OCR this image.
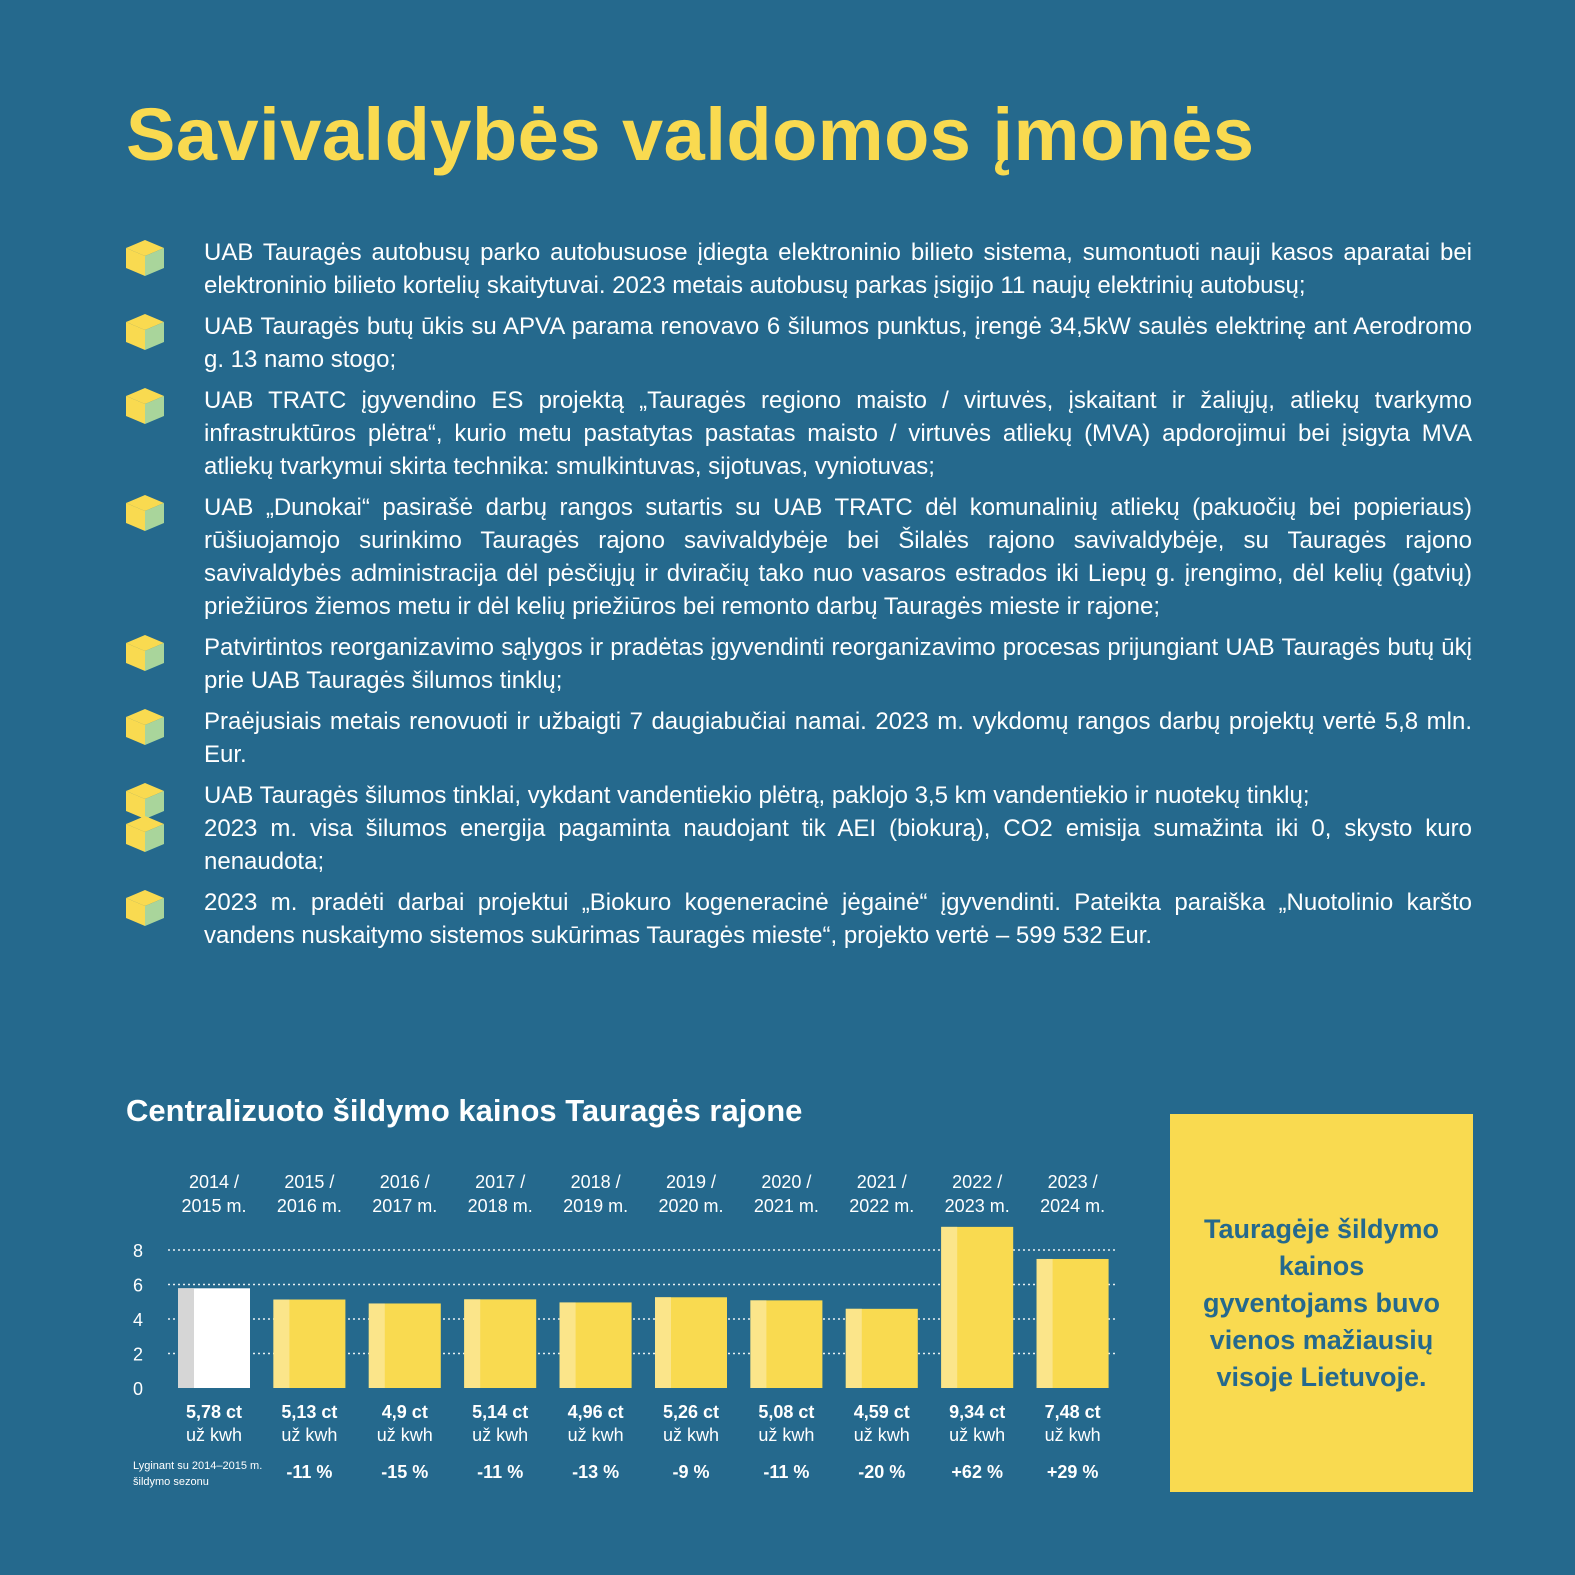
Savivaldybės valdomos įmonės
UAB Tauragės autobusų parko autobusuose įdiegta elektroninio bilieto sistema, sumontuoti nauji kasos aparatai bei elektroninio bilieto kortelių skaitytuvai. 2023 metais autobusų parkas įsigijo 11 naujų elektrinių autobusų;
UAB Tauragės butų ūkis su APVA parama renovavo 6 šilumos punktus, įrengė 34,5kW saulės elektrinę ant Aerodromo g. 13 namo stogo;
UAB TRATC įgyvendino ES projektą „Tauragės regiono maisto / virtuvės, įskaitant ir žaliųjų, atliekų tvarkymo infrastruktūros plėtra“, kurio metu pastatytas pastatas maisto / virtuvės atliekų (MVA) apdorojimui bei įsigyta MVA atliekų tvarkymui skirta technika: smulkintuvas, sijotuvas, vyniotuvas;
UAB „Dunokai“ pasirašė darbų rangos sutartis su UAB TRATC dėl komunalinių atliekų (pakuočių bei popieriaus) rūšiuojamojo surinkimo Tauragės rajono savivaldybėje bei Šilalės rajono savivaldybėje, su Tauragės rajono savivaldybės administracija dėl pėsčiųjų ir dviračių tako nuo vasaros estrados iki Liepų g. įrengimo, dėl kelių (gatvių) priežiūros žiemos metu ir dėl kelių priežiūros bei remonto darbų Tauragės mieste ir rajone;
Patvirtintos reorganizavimo sąlygos ir pradėtas įgyvendinti reorganizavimo procesas prijungiant UAB Tauragės butų ūkį prie UAB Tauragės šilumos tinklų;
Praėjusiais metais renovuoti ir užbaigti 7 daugiabučiai namai. 2023 m. vykdomų rangos darbų projektų vertė 5,8 mln. Eur.
UAB Tauragės šilumos tinklai, vykdant vandentiekio plėtrą, paklojo 3,5 km vandentiekio ir nuotekų tinklų;
2023 m. visa šilumos energija pagaminta naudojant tik AEI (biokurą), CO2 emisija sumažinta iki 0, skysto kuro nenaudota;
2023 m. pradėti darbai projektui „Biokuro kogeneracinė jėgainė“ įgyvendinti. Pateikta paraiška „Nuotolinio karšto vandens nuskaitymo sistemos sukūrimas Tauragės mieste“, projekto vertė – 599 532 Eur.
Centralizuoto šildymo kainos Tauragės rajone
0
2
4
6
8
2014 /
2015 m.
5,78 ct
už kwh
2015 /
2016 m.
5,13 ct
už kwh
-11 %
2016 /
2017 m.
4,9 ct
už kwh
-15 %
2017 /
2018 m.
5,14 ct
už kwh
-11 %
2018 /
2019 m.
4,96 ct
už kwh
-13 %
2019 /
2020 m.
5,26 ct
už kwh
-9 %
2020 /
2021 m.
5,08 ct
už kwh
-11 %
2021 /
2022 m.
4,59 ct
už kwh
-20 %
2022 /
2023 m.
9,34 ct
už kwh
+62 %
2023 /
2024 m.
7,48 ct
už kwh
+29 %
Lyginant su 2014–2015 m.
šildymo sezonu

Tauragėje šildymo kainos gyventojams buvo vienos mažiausių visoje Lietuvoje.
